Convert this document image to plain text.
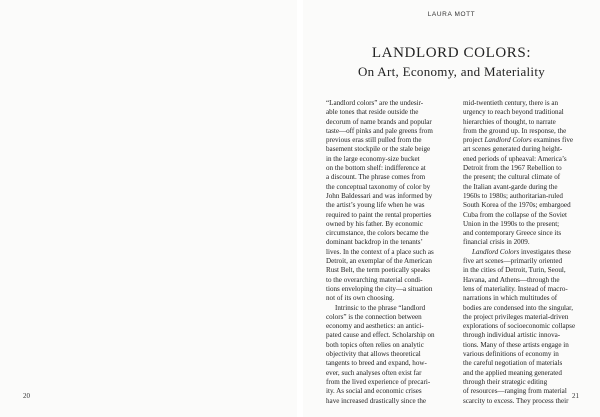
20
LAURA MOTT
LANDLORD COLORS:
On Art, Economy, and Materiality
“Landlord colors” are the undesir-
able tones that reside outside the
decorum of name brands and popular
taste—off pinks and pale greens from
previous eras still pulled from the
basement stockpile or the stale beige
in the large economy-size bucket
on the bottom shelf: indifference at
a discount. The phrase comes from
the conceptual taxonomy of color by
John Baldessari and was informed by
the artist’s young life when he was
required to paint the rental properties
owned by his father. By economic
circumstance, the colors became the
dominant backdrop in the tenants’
lives. In the context of a place such as
Detroit, an exemplar of the American
Rust Belt, the term poetically speaks
to the overarching material condi-
tions enveloping the city—a situation
not of its own choosing.
Intrinsic to the phrase “landlord
colors” is the connection between
economy and aesthetics: an antici-
pated cause and effect. Scholarship on
both topics often relies on analytic
objectivity that allows theoretical
tangents to breed and expand, how-
ever, such analyses often exist far
from the lived experience of precari-
ity. As social and economic crises
have increased drastically since the
mid-twentieth century, there is an
urgency to reach beyond traditional
hierarchies of thought, to narrate
from the ground up. In response, the
project Landlord Colors examines five
art scenes generated during height-
ened periods of upheaval: America’s
Detroit from the 1967 Rebellion to
the present; the cultural climate of
the Italian avant-garde during the
1960s to 1980s; authoritarian-ruled
South Korea of the 1970s; embargoed
Cuba from the collapse of the Soviet
Union in the 1990s to the present;
and contemporary Greece since its
financial crisis in 2009.
Landlord Colors investigates these
five art scenes—primarily oriented
in the cities of Detroit, Turin, Seoul,
Havana, and Athens—through the
lens of materiality. Instead of macro-
narrations in which multitudes of
bodies are condensed into the singular,
the project privileges material-driven
explorations of socioeconomic collapse
through individual artistic innova-
tions. Many of these artists engage in
various definitions of economy in
the careful negotiation of materials
and the applied meaning generated
through their strategic editing
of resources—ranging from material
scarcity to excess. They process their
21
